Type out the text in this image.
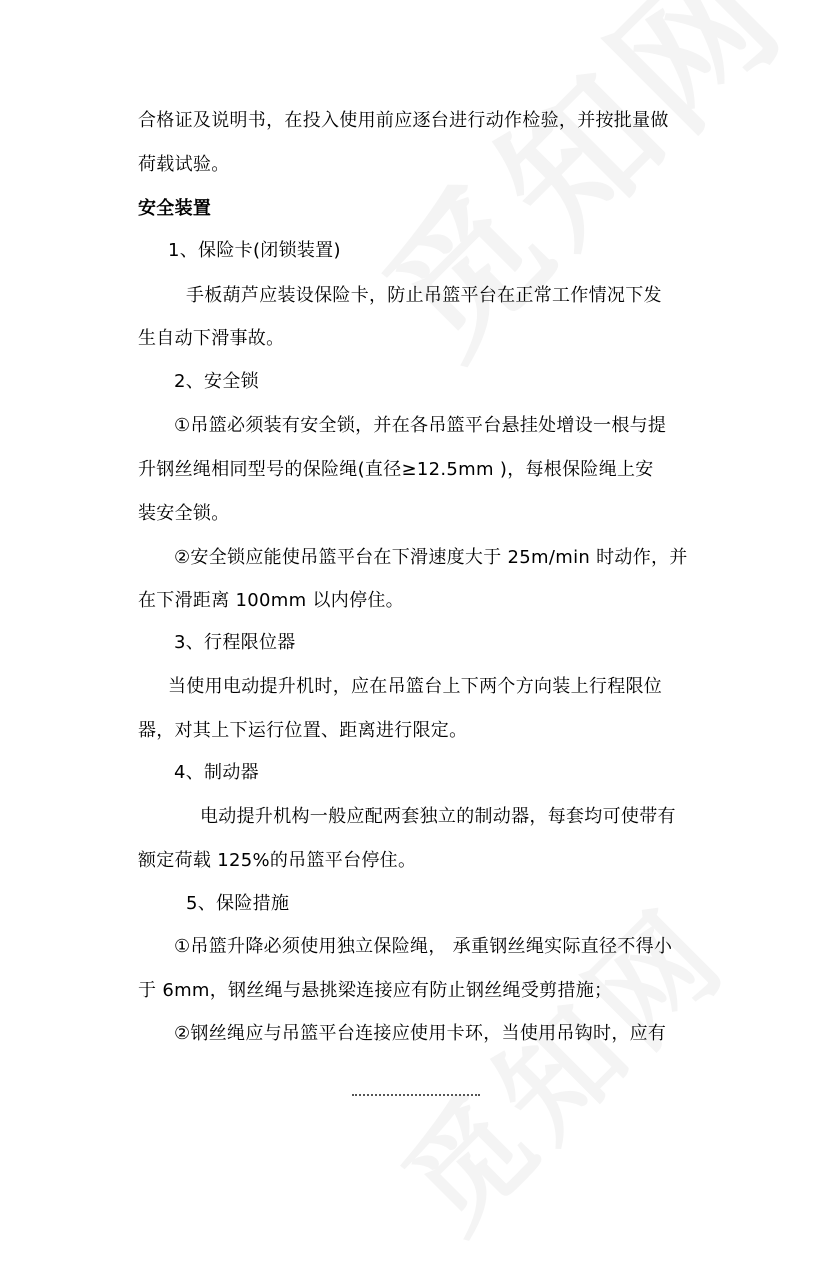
合格证及说明书，在投入使用前应逐台进行动作检验，并按批量做
荷载试验。
安全装置
1、保险卡(闭锁装置)
手板葫芦应装设保险卡，防止吊篮平台在正常工作情况下发
生自动下滑事故。
2、安全锁
①吊篮必须装有安全锁，并在各吊篮平台悬挂处增设一根与提
升钢丝绳相同型号的保险绳(直径≥12.5mm )，每根保险绳上安
装安全锁。
②安全锁应能使吊篮平台在下滑速度大于 25m/min 时动作，并
在下滑距离 100mm 以内停住。
3、行程限位器
当使用电动提升机时，应在吊篮台上下两个方向装上行程限位
器，对其上下运行位置、距离进行限定。
4、制动器
电动提升机构一般应配两套独立的制动器，每套均可使带有
额定荷载 125%的吊篮平台停住。
5、保险措施
①吊篮升降必须使用独立保险绳， 承重钢丝绳实际直径不得小
于 6mm，钢丝绳与悬挑梁连接应有防止钢丝绳受剪措施；
②钢丝绳应与吊篮平台连接应使用卡环，当使用吊钩时，应有
